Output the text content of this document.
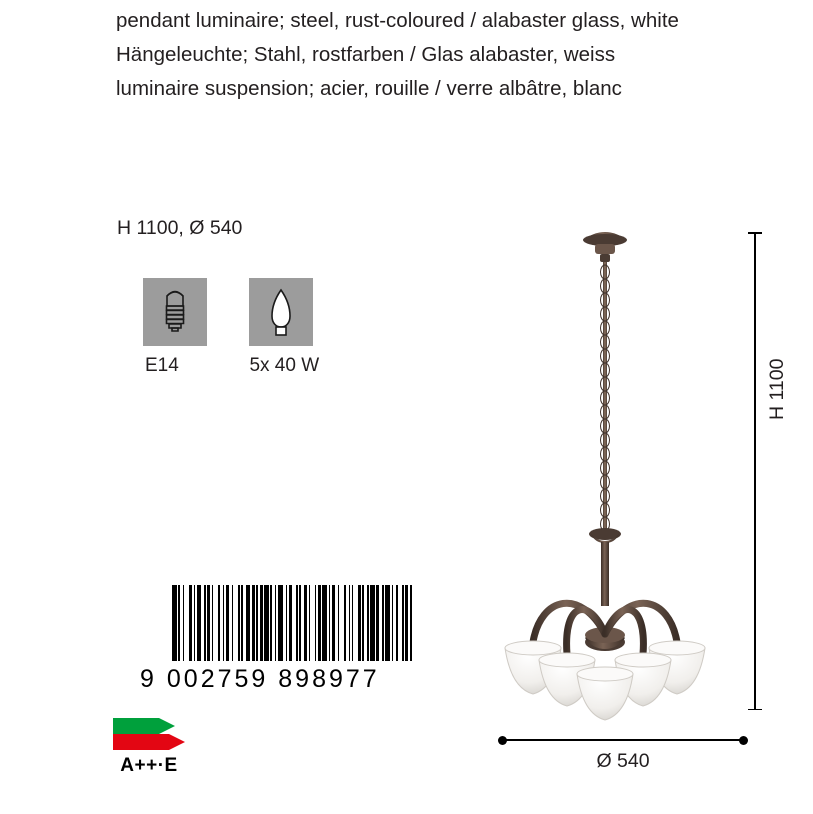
pendant luminaire; steel, rust-coloured / alabaster glass, white
Hängeleuchte; Stahl, rostfarben / Glas alabaster, weiss
luminaire suspension; acier, rouille / verre albâtre, blanc
H 1100, Ø 540
E14
	5x 40 W
9 002759 898977
A++·E
H 1100
Ø 540
